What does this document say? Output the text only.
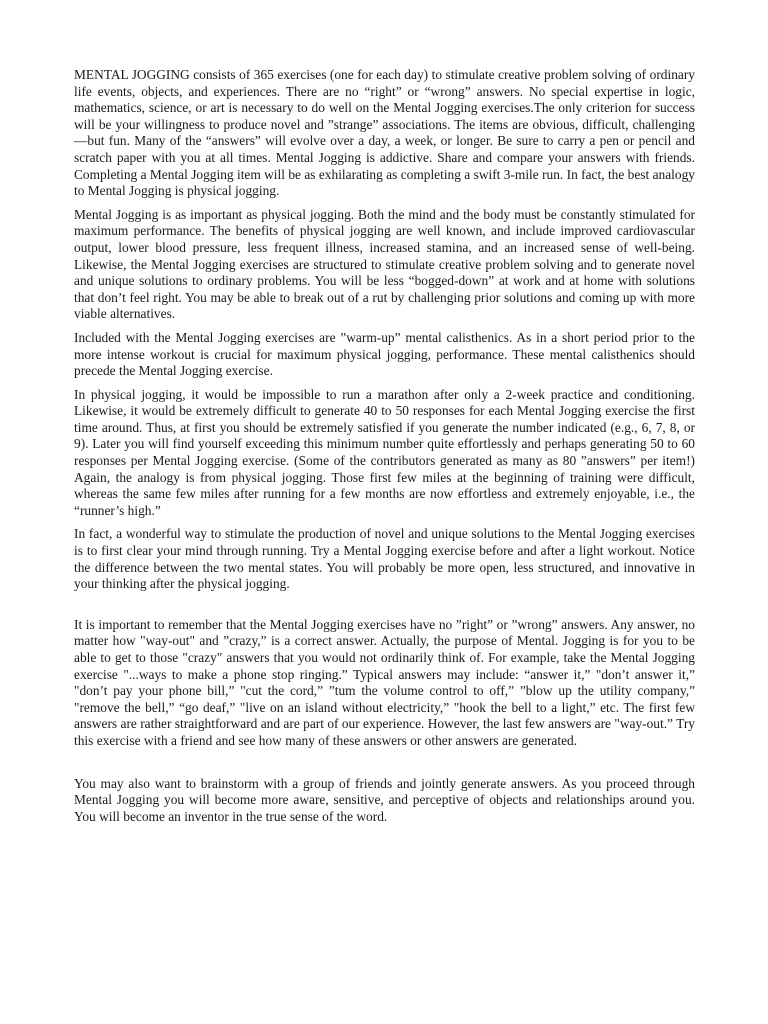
MENTAL JOGGING consists of 365 exercises (one for each day) to stimulate creative problem solving of ordinary life events, objects, and experiences. There are no “right” or “wrong” answers. No special expertise in logic, mathematics, science, or art is necessary to do well on the Mental Jogging exercises.The only criterion for success will be your willingness to produce novel and ”strange” associations. The items are obvious, difficult, challenging—but fun. Many of the “answers” will evolve over a day, a week, or longer. Be sure to carry a pen or pencil and scratch paper with you at all times. Mental Jogging is addictive. Share and compare your answers with friends. Completing a Mental Jogging item will be as exhilarating as completing a swift 3-mile run. In fact, the best analogy to Mental Jogging is physical jogging.

Mental Jogging is as important as physical jogging. Both the mind and the body must be constantly stimulated for maximum performance. The benefits of physical jogging are well known, and include improved cardiovascular output, lower blood pressure, less frequent illness, increased stamina, and an increased sense of well-being. Likewise, the Mental Jogging exercises are structured to stimulate creative problem solving and to generate novel and unique solutions to ordinary problems. You will be less “bogged-down” at work and at home with solutions that don’t feel right. You may be able to break out of a rut by challenging prior solutions and coming up with more viable alternatives.

Included with the Mental Jogging exercises are ”warm-up” mental calisthenics. As in a short period prior to the more intense workout is crucial for maximum physical jogging, performance. These mental calisthenics should precede the Mental Jogging exercise.

In physical jogging, it would be impossible to run a marathon after only a 2-week practice and conditioning. Likewise, it would be extremely difficult to generate 40 to 50 responses for each Mental Jogging exercise the first time around. Thus, at first you should be extremely satisfied if you generate the number indicated (e.g., 6, 7, 8, or 9). Later you will find yourself exceeding this minimum number quite effortlessly and perhaps generating 50 to 60 responses per Mental Jogging exercise. (Some of the contributors generated as many as 80 ”answers” per item!) Again, the analogy is from physical jogging. Those first few miles at the beginning of training were difficult, whereas the same few miles after running for a few months are now effortless and extremely enjoyable, i.e., the “runner’s high.”

In fact, a wonderful way to stimulate the production of novel and unique solutions to the Mental Jogging exercises is to first clear your mind through running. Try a Mental Jogging exercise before and after a light workout. Notice the difference between the two mental states. You will probably be more open, less structured, and innovative in your thinking after the physical jogging.

It is important to remember that the Mental Jogging exercises have no ”right” or ”wrong” answers. Any answer, no matter how "way-out" and ”crazy,” is a correct answer. Actually, the purpose of Mental. Jogging is for you to be able to get to those "crazy" answers that you would not ordinarily think of. For example, take the Mental Jogging exercise "...ways to make a phone stop ringing.” Typical answers may include: “answer it,” "don’t answer it,” "don’t pay your phone bill,” "cut the cord,” ”tum the volume control to off,” ”blow up the utility company,” "remove the bell,” “go deaf,” "live on an island without electricity,” "hook the bell to a light,” etc. The first few answers are rather straightforward and are part of our experience. However, the last few answers are "way-out.” Try this exercise with a friend and see how many of these answers or other answers are generated.

You may also want to brainstorm with a group of friends and jointly generate answers. As you proceed through Mental Jogging you will become more aware, sensitive, and perceptive of objects and relationships around you. You will become an inventor in the true sense of the word.
